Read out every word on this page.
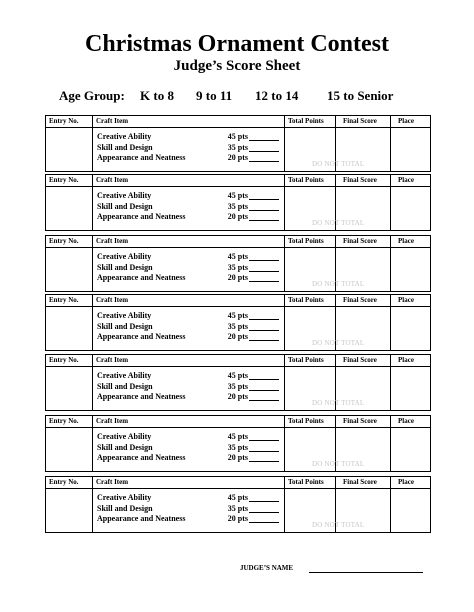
Christmas Ornament Contest
Judge’s Score Sheet
Age Group: K to 8 9 to 11 12 to 14 15 to Senior
Entry No. Craft Item	Total Points	Final Score	Place
Creative Ability	45 pts
Skill and Design	35 pts
Appearance and Neatness	20 pts
DO NOT TOTAL
Entry No. Craft Item	Total Points	Final Score	Place
Creative Ability	45 pts
Skill and Design	35 pts
Appearance and Neatness	20 pts
DO NOT TOTAL
Entry No. Craft Item	Total Points	Final Score	Place
Creative Ability	45 pts
Skill and Design	35 pts
Appearance and Neatness	20 pts
DO NOT TOTAL
Entry No. Craft Item	Total Points	Final Score	Place
Creative Ability	45 pts
Skill and Design	35 pts
Appearance and Neatness	20 pts
DO NOT TOTAL
Entry No. Craft Item	Total Points	Final Score	Place
Creative Ability	45 pts
Skill and Design	35 pts
Appearance and Neatness	20 pts
DO NOT TOTAL
Entry No. Craft Item	Total Points	Final Score	Place
Creative Ability	45 pts
Skill and Design	35 pts
Appearance and Neatness	20 pts
DO NOT TOTAL
Entry No. Craft Item	Total Points	Final Score	Place
Creative Ability	45 pts
Skill and Design	35 pts
Appearance and Neatness	20 pts
DO NOT TOTAL
JUDGE’S NAME
